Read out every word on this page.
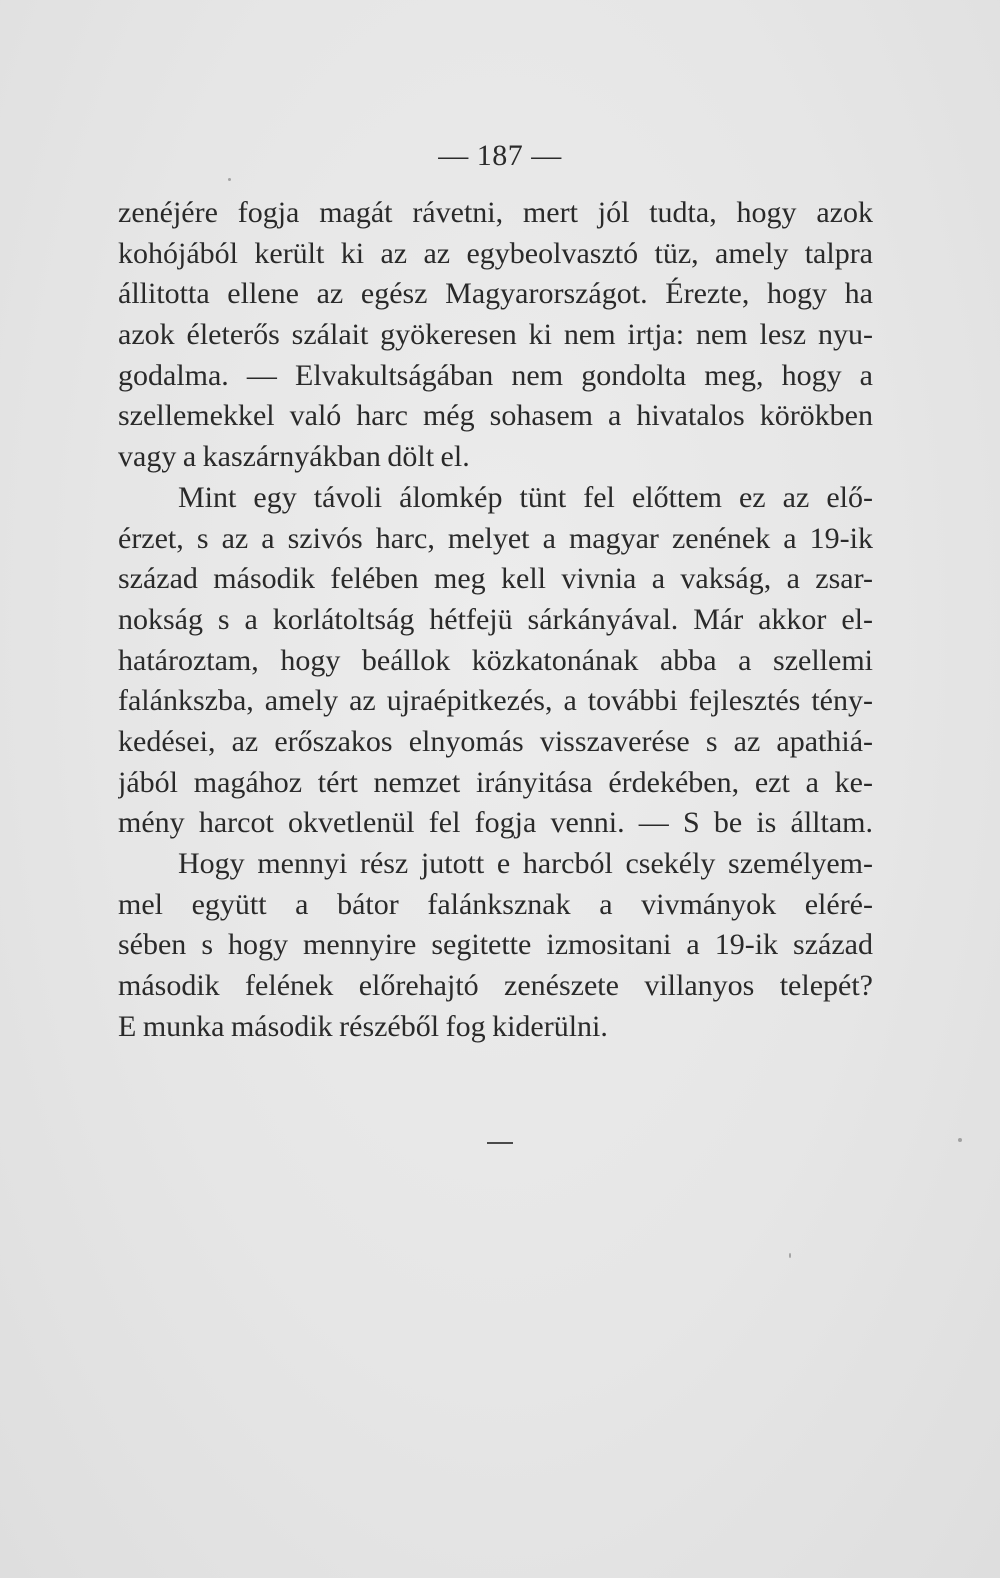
— 187 —
zenéjére fogja magát rávetni, mert jól tudta, hogy azok
kohójából került ki az az egybeolvasztó tüz, amely talpra
állitotta ellene az egész Magyarországot. Érezte, hogy ha
azok életerős szálait gyökeresen ki nem irtja: nem lesz nyu-
godalma. — Elvakultságában nem gondolta meg, hogy a
szellemekkel való harc még sohasem a hivatalos körökben
vagy a kaszárnyákban dölt el.
Mint egy távoli álomkép tünt fel előttem ez az elő-
érzet, s az a szivós harc, melyet a magyar zenének a 19-ik
század második felében meg kell vivnia a vakság, a zsar-
nokság s a korlátoltság hétfejü sárkányával. Már akkor el-
határoztam, hogy beállok közkatonának abba a szellemi
falánkszba, amely az ujraépitkezés, a további fejlesztés tény-
kedései, az erőszakos elnyomás visszaverése s az apathiá-
jából magához tért nemzet irányitása érdekében, ezt a ke-
mény harcot okvetlenül fel fogja venni. — S be is álltam.
Hogy mennyi rész jutott e harcból csekély személyem-
mel együtt a bátor falánksznak a vivmányok eléré-
sében s hogy mennyire segitette izmositani a 19-ik század
második felének előrehajtó zenészete villanyos telepét?
E munka második részéből fog kiderülni.
